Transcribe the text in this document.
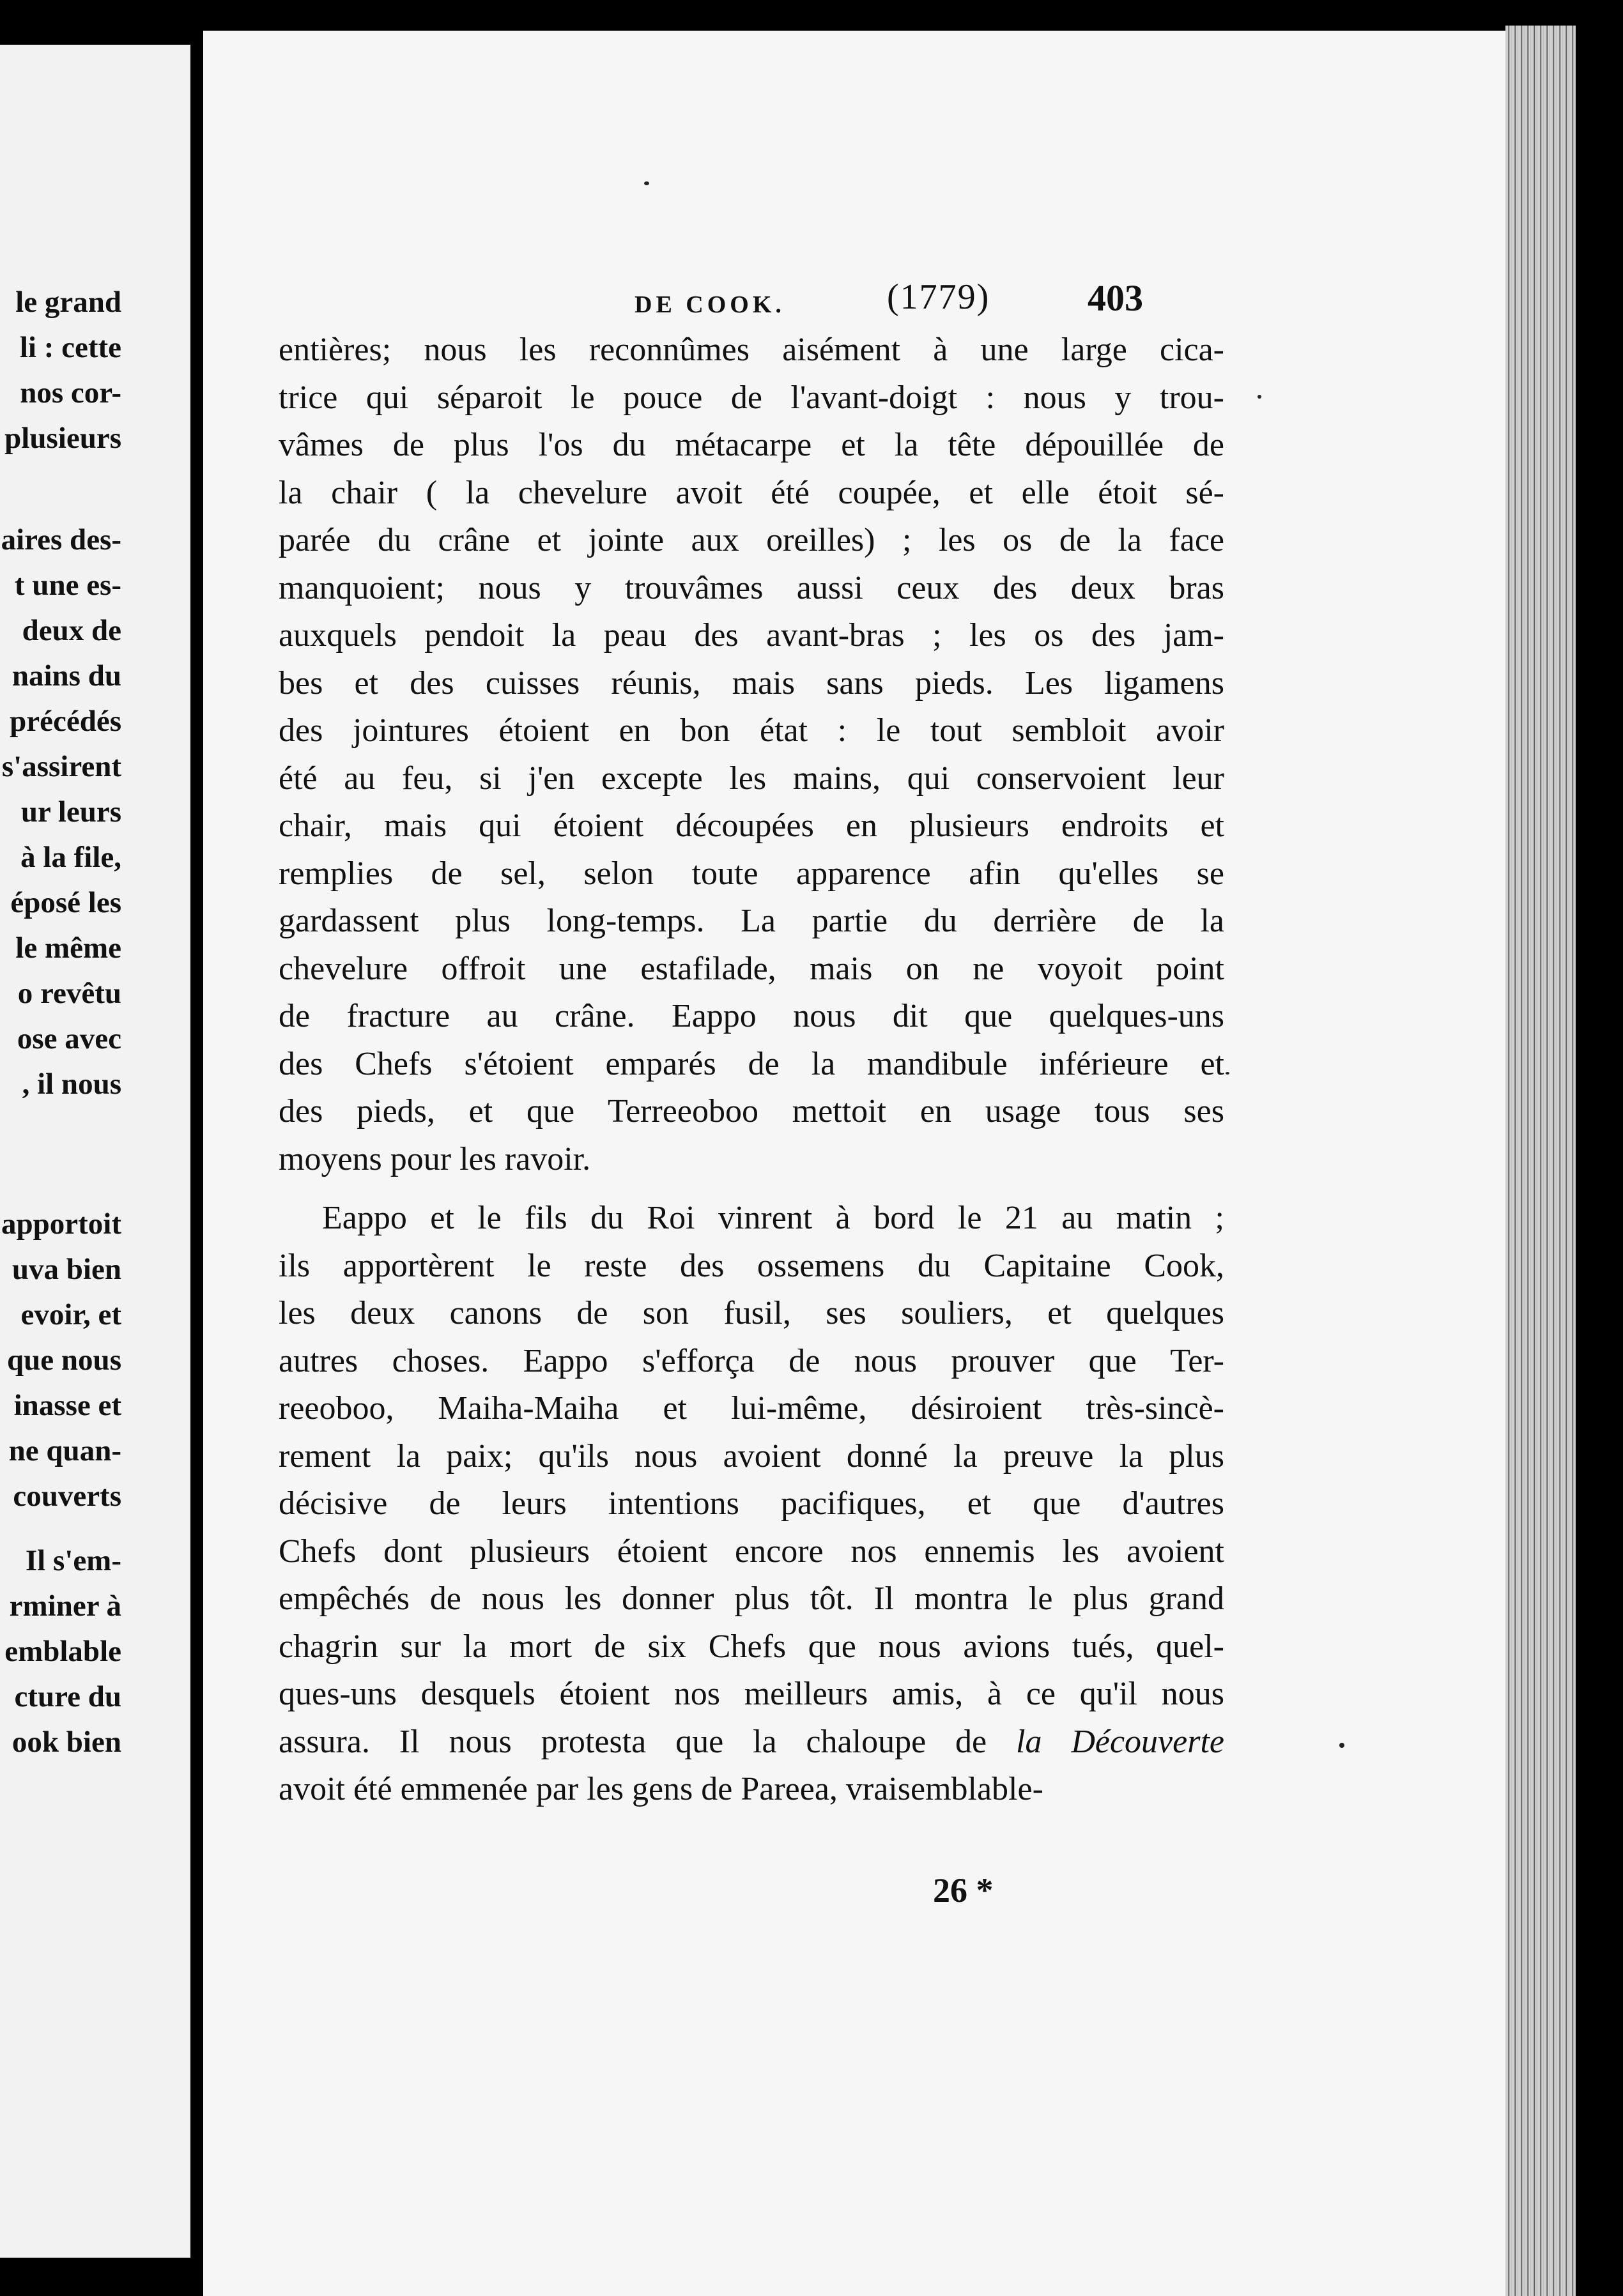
le grand
li : cette
nos cor-
plusieurs
aires des-
t une es-
deux de
nains du
précédés
s'assirent
ur leurs
à la file,
éposé les
le même
o revêtu
ose avec
, il nous
apportoit
uva bien
evoir, et
que nous
inasse et
ne quan-
couverts
Il s'em-
rminer à
emblable
cture du
ook bien
DE COOK.	(1779)	403
entières; nous les reconnûmes aisément à une large cica-
trice qui séparoit le pouce de l'avant-doigt : nous y trou-
vâmes de plus l'os du métacarpe et la tête dépouillée de
la chair ( la chevelure avoit été coupée, et elle étoit sé-
parée du crâne et jointe aux oreilles) ; les os de la face
manquoient; nous y trouvâmes aussi ceux des deux bras
auxquels pendoit la peau des avant-bras ; les os des jam-
bes et des cuisses réunis, mais sans pieds. Les ligamens
des jointures étoient en bon état : le tout sembloit avoir
été au feu, si j'en excepte les mains, qui conservoient leur
chair, mais qui étoient découpées en plusieurs endroits et
remplies de sel, selon toute apparence afin qu'elles se
gardassent plus long-temps. La partie du derrière de la
chevelure offroit une estafilade, mais on ne voyoit point
de fracture au crâne. Eappo nous dit que quelques-uns
des Chefs s'étoient emparés de la mandibule inférieure et
des pieds, et que Terreeoboo mettoit en usage tous ses
moyens pour les ravoir.
Eappo et le fils du Roi vinrent à bord le 21 au matin ;
ils apportèrent le reste des ossemens du Capitaine Cook,
les deux canons de son fusil, ses souliers, et quelques
autres choses. Eappo s'efforça de nous prouver que Ter-
reeoboo, Maiha-Maiha et lui-même, désiroient très-sincè-
rement la paix; qu'ils nous avoient donné la preuve la plus
décisive de leurs intentions pacifiques, et que d'autres
Chefs dont plusieurs étoient encore nos ennemis les avoient
empêchés de nous les donner plus tôt. Il montra le plus grand
chagrin sur la mort de six Chefs que nous avions tués, quel-
ques-uns desquels étoient nos meilleurs amis, à ce qu'il nous
assura. Il nous protesta que la chaloupe de la Découverte
avoit été emmenée par les gens de Pareea, vraisemblable-
26 *
